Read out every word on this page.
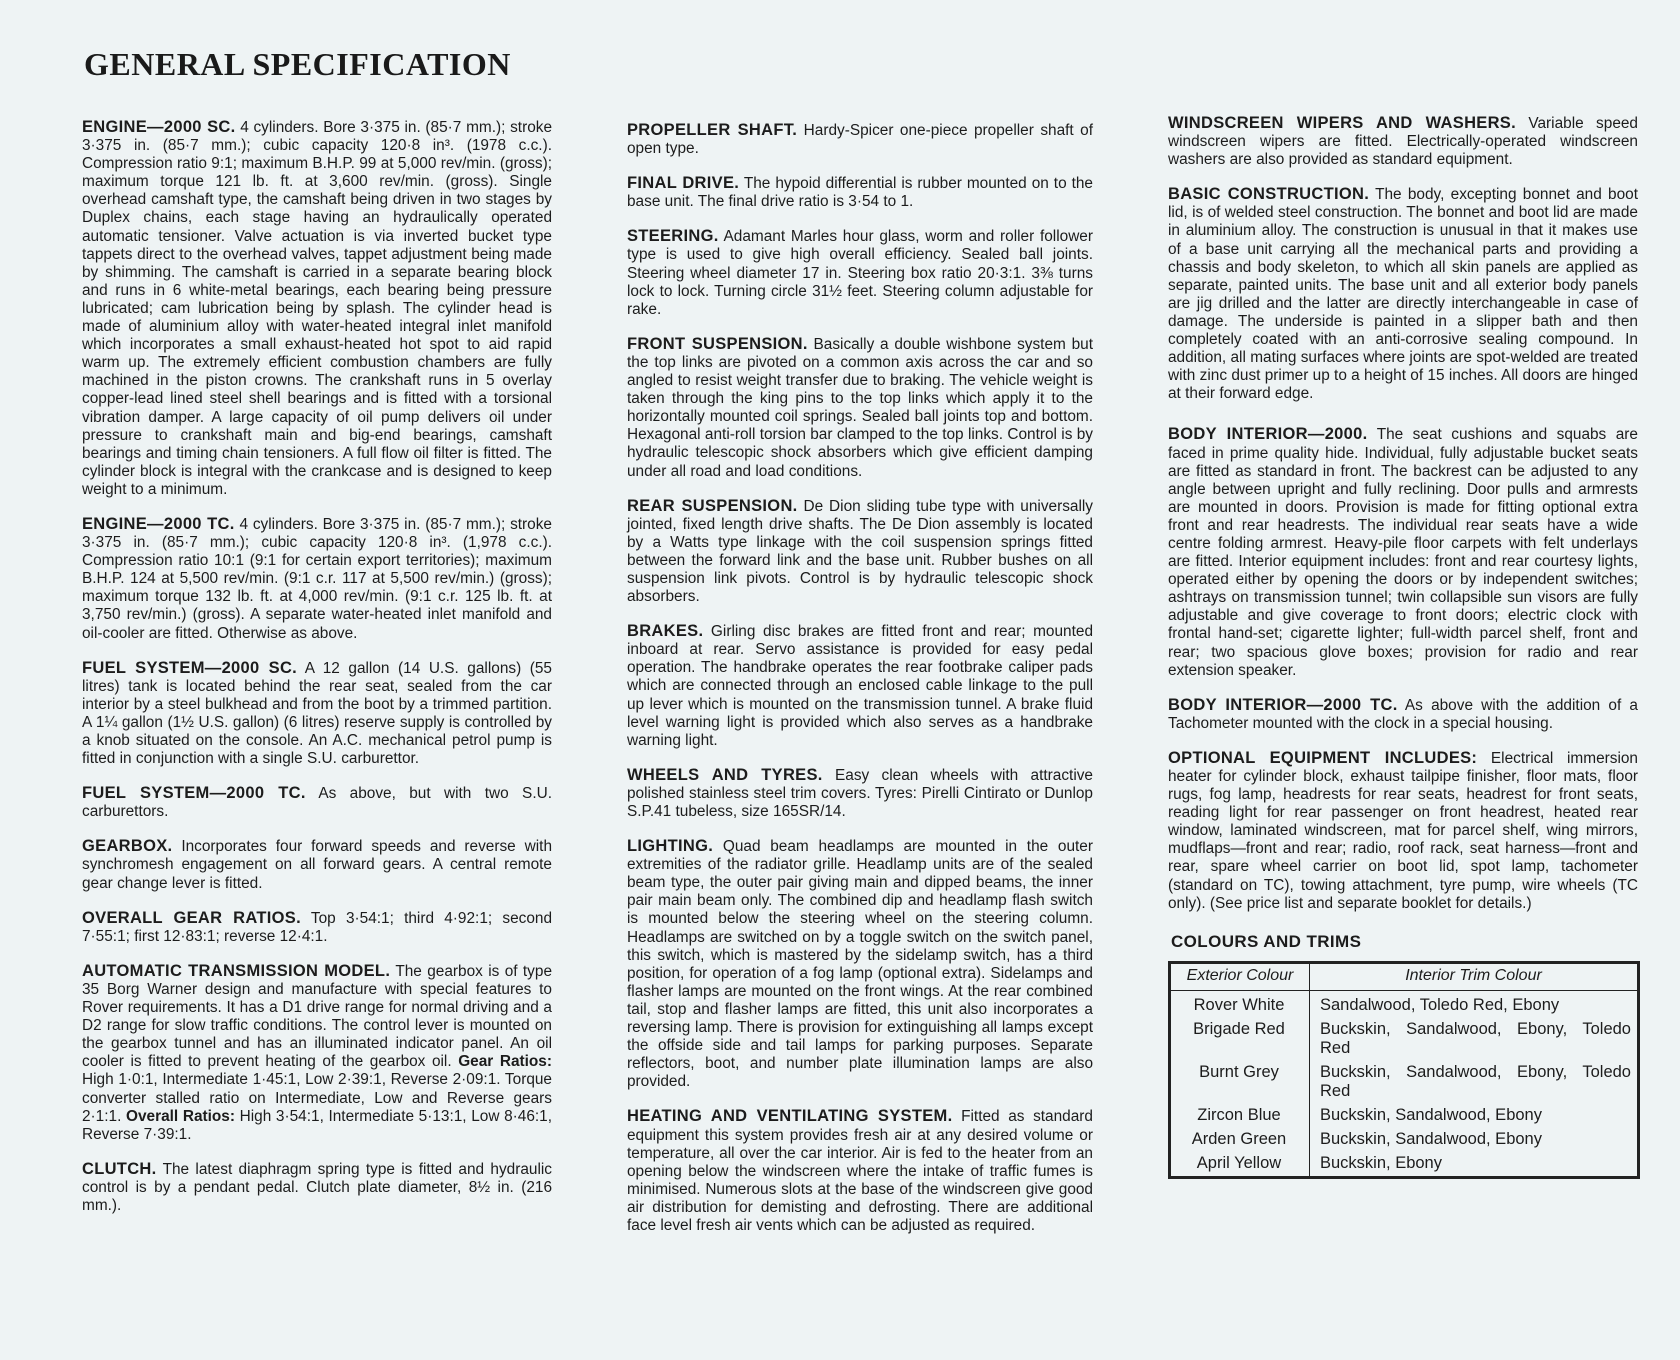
GENERAL SPECIFICATION

ENGINE—2000 SC. 4 cylinders. Bore 3·375 in. (85·7 mm.); stroke 3·375 in. (85·7 mm.); cubic capacity 120·8 in³. (1978 c.c.). Compression ratio 9:1; maximum B.H.P. 99 at 5,000 rev/min. (gross); maximum torque 121 lb. ft. at 3,600 rev/min. (gross). Single overhead camshaft type, the camshaft being driven in two stages by Duplex chains, each stage having an hydraulically operated automatic tensioner. Valve actuation is via inverted bucket type tappets direct to the overhead valves, tappet adjustment being made by shimming. The camshaft is carried in a separate bearing block and runs in 6 white-metal bearings, each bearing being pressure lubricated; cam lubrication being by splash. The cylinder head is made of aluminium alloy with water-heated integral inlet manifold which incorporates a small exhaust-heated hot spot to aid rapid warm up. The extremely efficient combustion chambers are fully machined in the piston crowns. The crankshaft runs in 5 overlay copper-lead lined steel shell bearings and is fitted with a torsional vibration damper. A large capacity of oil pump delivers oil under pressure to crankshaft main and big-end bearings, camshaft bearings and timing chain tensioners. A full flow oil filter is fitted. The cylinder block is integral with the crankcase and is designed to keep weight to a minimum.

ENGINE—2000 TC. 4 cylinders. Bore 3·375 in. (85·7 mm.); stroke 3·375 in. (85·7 mm.); cubic capacity 120·8 in³. (1,978 c.c.). Compression ratio 10:1 (9:1 for certain export territories); maximum B.H.P. 124 at 5,500 rev/min. (9:1 c.r. 117 at 5,500 rev/min.) (gross); maximum torque 132 lb. ft. at 4,000 rev/min. (9:1 c.r. 125 lb. ft. at 3,750 rev/min.) (gross). A separate water-heated inlet manifold and oil-cooler are fitted. Otherwise as above.

FUEL SYSTEM—2000 SC. A 12 gallon (14 U.S. gallons) (55 litres) tank is located behind the rear seat, sealed from the car interior by a steel bulkhead and from the boot by a trimmed partition. A 1¼ gallon (1½ U.S. gallon) (6 litres) reserve supply is controlled by a knob situated on the console. An A.C. mechanical petrol pump is fitted in conjunction with a single S.U. carburettor.

FUEL SYSTEM—2000 TC. As above, but with two S.U. carburettors.

GEARBOX. Incorporates four forward speeds and reverse with synchromesh engagement on all forward gears. A central remote gear change lever is fitted.

OVERALL GEAR RATIOS. Top 3·54:1; third 4·92:1; second 7·55:1; first 12·83:1; reverse 12·4:1.

AUTOMATIC TRANSMISSION MODEL. The gearbox is of type 35 Borg Warner design and manufacture with special features to Rover requirements. It has a D1 drive range for normal driving and a D2 range for slow traffic conditions. The control lever is mounted on the gearbox tunnel and has an illuminated indicator panel. An oil cooler is fitted to prevent heating of the gearbox oil. Gear Ratios: High 1·0:1, Intermediate 1·45:1, Low 2·39:1, Reverse 2·09:1. Torque converter stalled ratio on Intermediate, Low and Reverse gears 2·1:1. Overall Ratios: High 3·54:1, Intermediate 5·13:1, Low 8·46:1, Reverse 7·39:1.

CLUTCH. The latest diaphragm spring type is fitted and hydraulic control is by a pendant pedal. Clutch plate diameter, 8½ in. (216 mm.).

PROPELLER SHAFT. Hardy-Spicer one-piece propeller shaft of open type.

FINAL DRIVE. The hypoid differential is rubber mounted on to the base unit. The final drive ratio is 3·54 to 1.

STEERING. Adamant Marles hour glass, worm and roller follower type is used to give high overall efficiency. Sealed ball joints. Steering wheel diameter 17 in. Steering box ratio 20·3:1. 3⅜ turns lock to lock. Turning circle 31½ feet. Steering column adjustable for rake.

FRONT SUSPENSION. Basically a double wishbone system but the top links are pivoted on a common axis across the car and so angled to resist weight transfer due to braking. The vehicle weight is taken through the king pins to the top links which apply it to the horizontally mounted coil springs. Sealed ball joints top and bottom. Hexagonal anti-roll torsion bar clamped to the top links. Control is by hydraulic telescopic shock absorbers which give efficient damping under all road and load conditions.

REAR SUSPENSION. De Dion sliding tube type with universally jointed, fixed length drive shafts. The De Dion assembly is located by a Watts type linkage with the coil suspension springs fitted between the forward link and the base unit. Rubber bushes on all suspension link pivots. Control is by hydraulic telescopic shock absorbers.

BRAKES. Girling disc brakes are fitted front and rear; mounted inboard at rear. Servo assistance is provided for easy pedal operation. The handbrake operates the rear footbrake caliper pads which are connected through an enclosed cable linkage to the pull up lever which is mounted on the transmission tunnel. A brake fluid level warning light is provided which also serves as a handbrake warning light.

WHEELS AND TYRES. Easy clean wheels with attractive polished stainless steel trim covers. Tyres: Pirelli Cintirato or Dunlop S.P.41 tubeless, size 165SR/14.

LIGHTING. Quad beam headlamps are mounted in the outer extremities of the radiator grille. Headlamp units are of the sealed beam type, the outer pair giving main and dipped beams, the inner pair main beam only. The combined dip and headlamp flash switch is mounted below the steering wheel on the steering column. Headlamps are switched on by a toggle switch on the switch panel, this switch, which is mastered by the sidelamp switch, has a third position, for operation of a fog lamp (optional extra). Sidelamps and flasher lamps are mounted on the front wings. At the rear combined tail, stop and flasher lamps are fitted, this unit also incorporates a reversing lamp. There is provision for extinguishing all lamps except the offside side and tail lamps for parking purposes. Separate reflectors, boot, and number plate illumination lamps are also provided.

HEATING AND VENTILATING SYSTEM. Fitted as standard equipment this system provides fresh air at any desired volume or temperature, all over the car interior. Air is fed to the heater from an opening below the windscreen where the intake of traffic fumes is minimised. Numerous slots at the base of the windscreen give good air distribution for demisting and defrosting. There are additional face level fresh air vents which can be adjusted as required.

WINDSCREEN WIPERS AND WASHERS. Variable speed windscreen wipers are fitted. Electrically-operated windscreen washers are also provided as standard equipment.

BASIC CONSTRUCTION. The body, excepting bonnet and boot lid, is of welded steel construction. The bonnet and boot lid are made in aluminium alloy. The construction is unusual in that it makes use of a base unit carrying all the mechanical parts and providing a chassis and body skeleton, to which all skin panels are applied as separate, painted units. The base unit and all exterior body panels are jig drilled and the latter are directly interchangeable in case of damage. The underside is painted in a slipper bath and then completely coated with an anti-corrosive sealing compound. In addition, all mating surfaces where joints are spot-welded are treated with zinc dust primer up to a height of 15 inches. All doors are hinged at their forward edge.

BODY INTERIOR—2000. The seat cushions and squabs are faced in prime quality hide. Individual, fully adjustable bucket seats are fitted as standard in front. The backrest can be adjusted to any angle between upright and fully reclining. Door pulls and armrests are mounted in doors. Provision is made for fitting optional extra front and rear headrests. The individual rear seats have a wide centre folding armrest. Heavy-pile floor carpets with felt underlays are fitted. Interior equipment includes: front and rear courtesy lights, operated either by opening the doors or by independent switches; ashtrays on transmission tunnel; twin collapsible sun visors are fully adjustable and give coverage to front doors; electric clock with frontal hand-set; cigarette lighter; full-width parcel shelf, front and rear; two spacious glove boxes; provision for radio and rear extension speaker.

BODY INTERIOR—2000 TC. As above with the addition of a Tachometer mounted with the clock in a special housing.

OPTIONAL EQUIPMENT INCLUDES: Electrical immersion heater for cylinder block, exhaust tailpipe finisher, floor mats, floor rugs, fog lamp, headrests for rear seats, headrest for front seats, reading light for rear passenger on front headrest, heated rear window, laminated windscreen, mat for parcel shelf, wing mirrors, mudflaps—front and rear; radio, roof rack, seat harness—front and rear, spare wheel carrier on boot lid, spot lamp, tachometer (standard on TC), towing attachment, tyre pump, wire wheels (TC only). (See price list and separate booklet for details.)

COLOURS AND TRIMS
Exterior Colour	Interior Trim Colour

Rover White	Sandalwood, Toledo Red, Ebony
Brigade Red	Buckskin, Sandalwood, Ebony, Toledo Red
Burnt Grey	Buckskin, Sandalwood, Ebony, Toledo Red
Zircon Blue	Buckskin, Sandalwood, Ebony
Arden Green	Buckskin, Sandalwood, Ebony
April Yellow	Buckskin, Ebony
